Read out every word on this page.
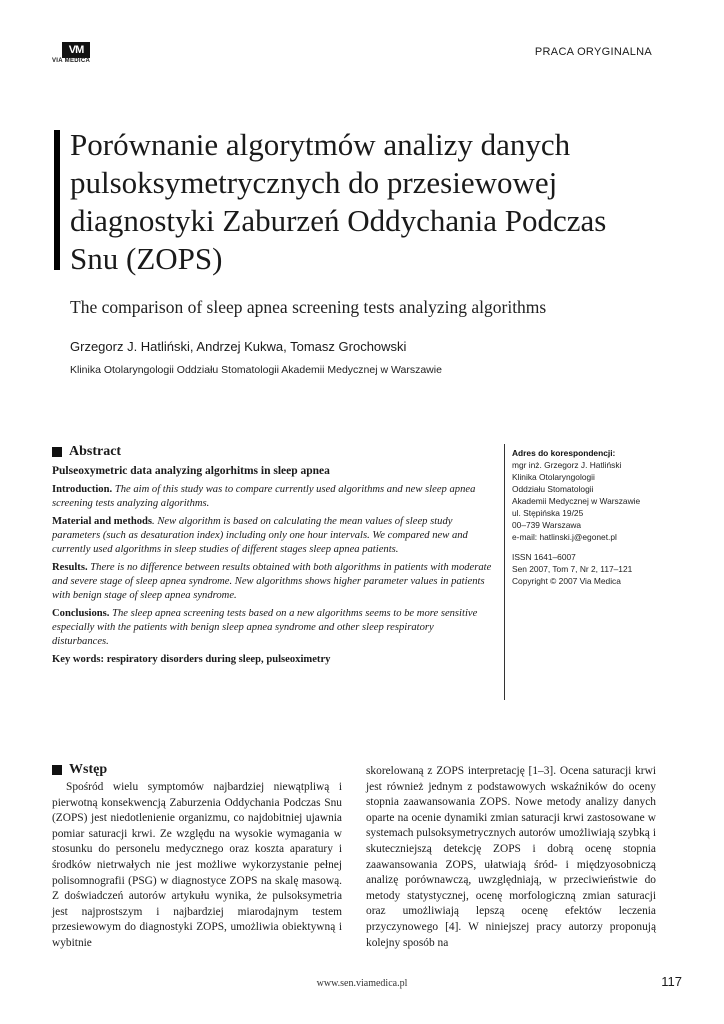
VM
VIA MEDICA
PRACA ORYGINALNA
Porównanie algorytmów analizy danych pulsoksymetrycznych do przesiewowej diagnostyki Zaburzeń Oddychania Podczas Snu (ZOPS)
The comparison of sleep apnea screening tests analyzing algorithms
Grzegorz J. Hatliński, Andrzej Kukwa, Tomasz Grochowski
Klinika Otolaryngologii Oddziału Stomatologii Akademii Medycznej w Warszawie
Abstract

Pulseoxymetric data analyzing algorhitms in sleep apnea

Introduction. The aim of this study was to compare currently used algorithms and new sleep apnea screening tests analyzing algorithms.

Material and methods. New algorithm is based on calculating the mean values of sleep study parameters (such as desaturation index) including only one hour intervals. We compared new and currently used algorithms in sleep studies of different stages sleep apnea patients.

Results. There is no difference between results obtained with both algorithms in patients with moderate and severe stage of sleep apnea syndrome. New algorithms shows higher parameter values in patients with benign stage of sleep apnea syndrome.

Conclusions. The sleep apnea screening tests based on a new algorithms seems to be more sensitive especially with the patients with benign sleep apnea syndrome and other sleep respiratory disturbances.

Key words: respiratory disorders during sleep, pulseoximetry

Adres do korespondencji:
mgr inż. Grzegorz J. Hatliński
Klinika Otolaryngologii
Oddziału Stomatologii
Akademii Medycznej w Warszawie
ul. Stępińska 19/25
00–739 Warszawa
e-mail: hatlinski.j@egonet.pl
ISSN 1641–6007
Sen 2007, Tom 7, Nr 2, 117–121
Copyright © 2007 Via Medica
Wstęp
Spośród wielu symptomów najbardziej niewątpliwą i pierwotną konsekwencją Zaburzenia Oddychania Podczas Snu (ZOPS) jest niedotlenienie organizmu, co najdobitniej ujawnia pomiar saturacji krwi. Ze względu na wysokie wymagania w stosunku do personelu medycznego oraz koszta aparatury i środków nietrwałych nie jest możliwe wykorzystanie pełnej polisomnografii (PSG) w diagnostyce ZOPS na skalę masową. Z doświadczeń autorów artykułu wynika, że pulsoksymetria jest najprostszym i najbardziej miarodajnym testem przesiewowym do diagnostyki ZOPS, umożliwia obiektywną i wybitnie
skorelowaną z ZOPS interpretację [1–3]. Ocena saturacji krwi jest również jednym z podstawowych wskaźników do oceny stopnia zaawansowania ZOPS. Nowe metody analizy danych oparte na ocenie dynamiki zmian saturacji krwi zastosowane w systemach pulsoksymetrycznych autorów umożliwiają szybką i skuteczniejszą detekcję ZOPS i dobrą ocenę stopnia zaawansowania ZOPS, ułatwiają śród- i międzyosobniczą analizę porównawczą, uwzględniają, w przeciwieństwie do metody statystycznej, ocenę morfologiczną zmian saturacji oraz umożliwiają lepszą ocenę efektów leczenia przyczynowego [4]. W niniejszej pracy autorzy proponują kolejny sposób na
www.sen.viamedica.pl	117
